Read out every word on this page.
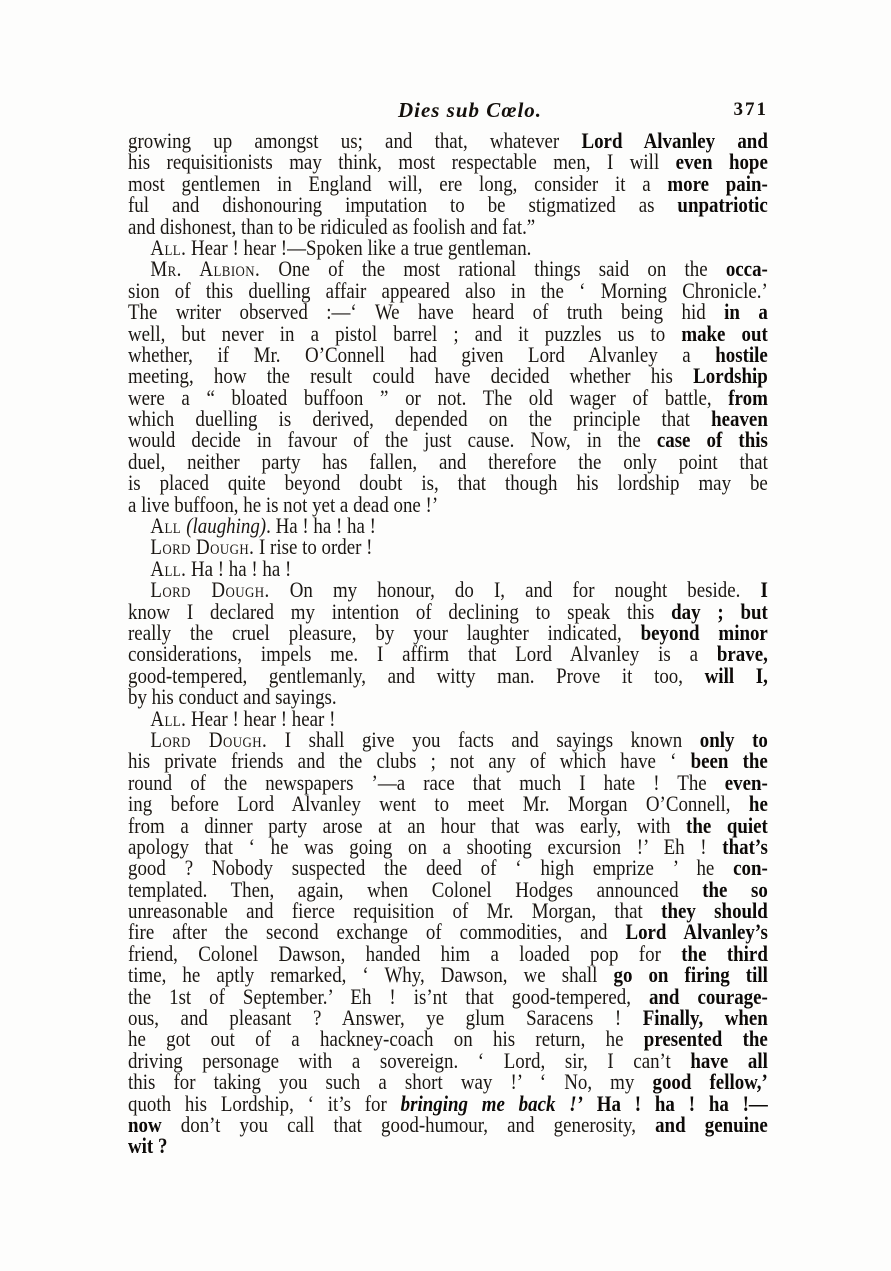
Dies sub Cœlo.	371
growing up amongst us; and that, whatever Lord Alvanley and
his requisitionists may think, most respectable men, I will even hope
most gentlemen in England will, ere long, consider it a more pain-
ful and dishonouring imputation to be stigmatized as unpatriotic
and dishonest, than to be ridiculed as foolish and fat.”
All. Hear ! hear !—Spoken like a true gentleman.
Mr. Albion. One of the most rational things said on the occa-
sion of this duelling affair appeared also in the ‘ Morning Chronicle.’
The writer observed :—‘ We have heard of truth being hid in a
well, but never in a pistol barrel ; and it puzzles us to make out
whether, if Mr. O’Connell had given Lord Alvanley a hostile
meeting, how the result could have decided whether his Lordship
were a “ bloated buffoon ” or not. The old wager of battle, from
which duelling is derived, depended on the principle that heaven
would decide in favour of the just cause. Now, in the case of this
duel, neither party has fallen, and therefore the only point that
is placed quite beyond doubt is, that though his lordship may be
a live buffoon, he is not yet a dead one !’
All (laughing). Ha ! ha ! ha !
Lord Dough. I rise to order !
All. Ha ! ha ! ha !
Lord Dough. On my honour, do I, and for nought beside. I
know I declared my intention of declining to speak this day ; but
really the cruel pleasure, by your laughter indicated, beyond minor
considerations, impels me. I affirm that Lord Alvanley is a brave,
good-tempered, gentlemanly, and witty man. Prove it too, will I,
by his conduct and sayings.
All. Hear ! hear ! hear !
Lord Dough. I shall give you facts and sayings known only to
his private friends and the clubs ; not any of which have ‘ been the
round of the newspapers ’—a race that much I hate ! The even-
ing before Lord Alvanley went to meet Mr. Morgan O’Connell, he
from a dinner party arose at an hour that was early, with the quiet
apology that ‘ he was going on a shooting excursion !’ Eh ! that’s
good ? Nobody suspected the deed of ‘ high emprize ’ he con-
templated. Then, again, when Colonel Hodges announced the so
unreasonable and fierce requisition of Mr. Morgan, that they should
fire after the second exchange of commodities, and Lord Alvanley’s
friend, Colonel Dawson, handed him a loaded pop for the third
time, he aptly remarked, ‘ Why, Dawson, we shall go on firing till
the 1st of September.’ Eh ! is’nt that good-tempered, and courage-
ous, and pleasant ? Answer, ye glum Saracens ! Finally, when
he got out of a hackney-coach on his return, he presented the
driving personage with a sovereign. ‘ Lord, sir, I can’t have all
this for taking you such a short way !’ ‘ No, my good fellow,’
quoth his Lordship, ‘ it’s for bringing me back !’ Ha ! ha ! ha !—
now don’t you call that good-humour, and generosity, and genuine
wit ?
